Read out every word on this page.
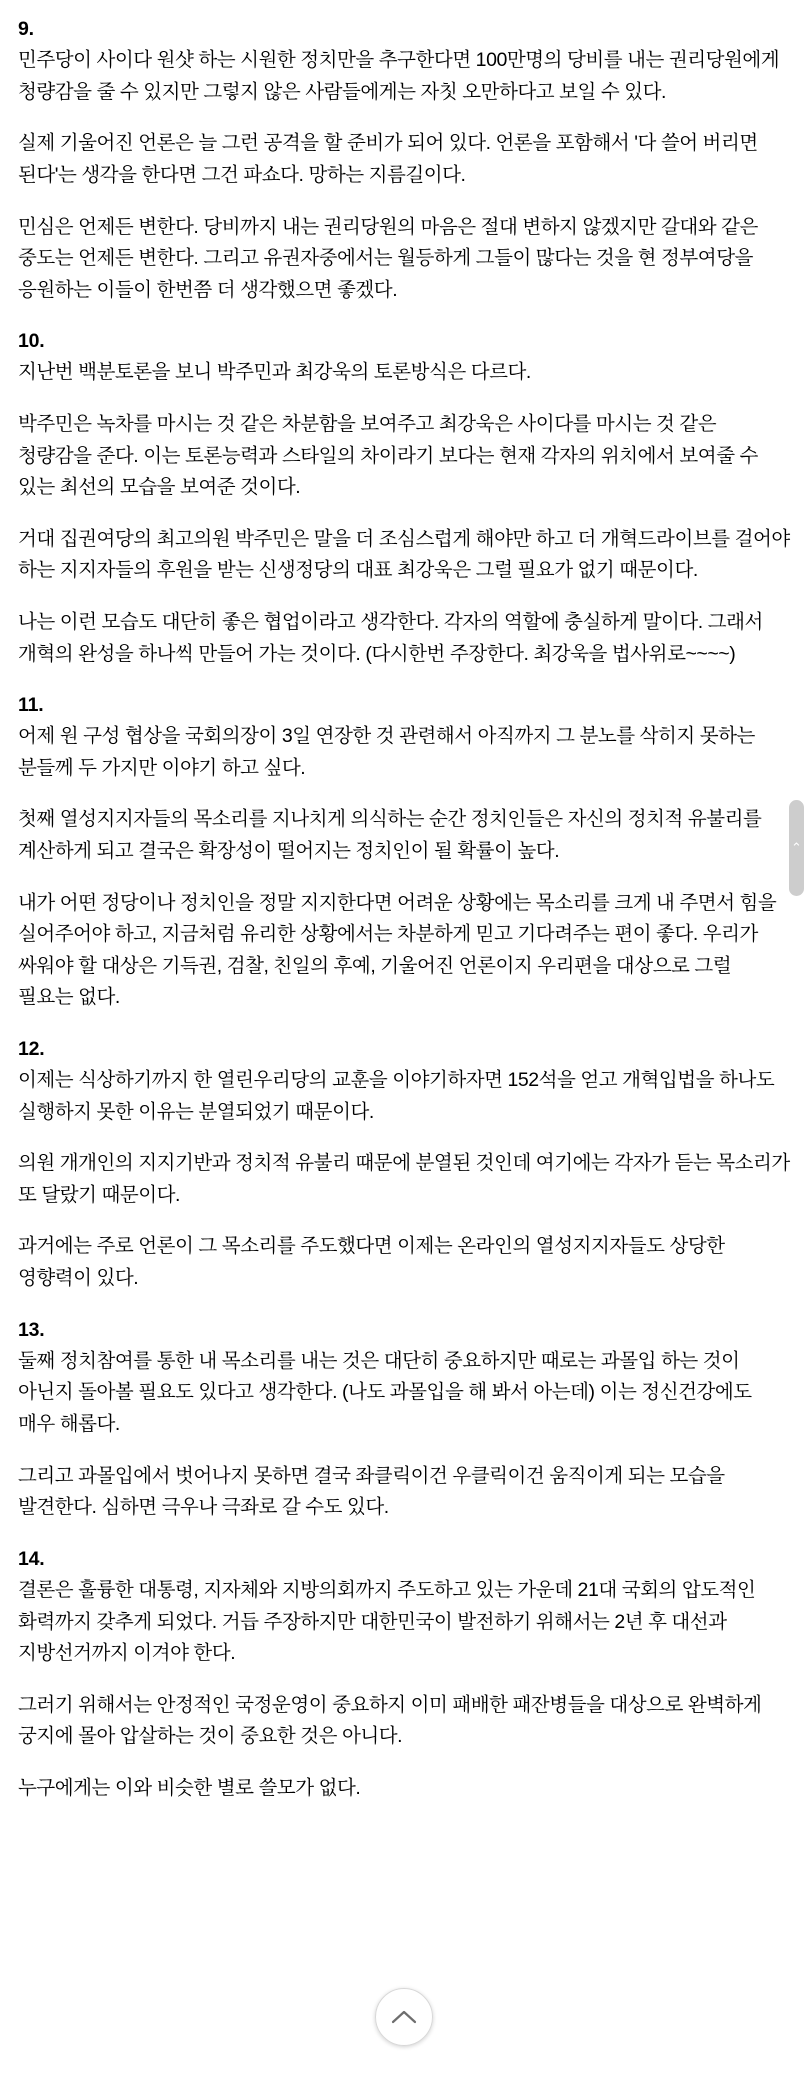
9.

민주당이 사이다 원샷 하는 시원한 정치만을 추구한다면 100만명의 당비를 내는 권리당원에게 청량감을 줄 수 있지만 그렇지 않은 사람들에게는 자칫 오만하다고 보일 수 있다.

실제 기울어진 언론은 늘 그런 공격을 할 준비가 되어 있다. 언론을 포함해서 '다 쓸어 버리면 된다'는 생각을 한다면 그건 파쇼다. 망하는 지름길이다.

민심은 언제든 변한다. 당비까지 내는 권리당원의 마음은 절대 변하지 않겠지만 갈대와 같은 중도는 언제든 변한다. 그리고 유권자중에서는 월등하게 그들이 많다는 것을 현 정부여당을 응원하는 이들이 한번쯤 더 생각했으면 좋겠다.

10.

지난번 백분토론을 보니 박주민과 최강욱의 토론방식은 다르다.

박주민은 녹차를 마시는 것 같은 차분함을 보여주고 최강욱은 사이다를 마시는 것 같은 청량감을 준다. 이는 토론능력과 스타일의 차이라기 보다는 현재 각자의 위치에서 보여줄 수 있는 최선의 모습을 보여준 것이다.

거대 집권여당의 최고의원 박주민은 말을 더 조심스럽게 해야만 하고 더 개혁드라이브를 걸어야 하는 지지자들의 후원을 받는 신생정당의 대표 최강욱은 그럴 필요가 없기 때문이다.

나는 이런 모습도 대단히 좋은 협업이라고 생각한다. 각자의 역할에 충실하게 말이다. 그래서 개혁의 완성을 하나씩 만들어 가는 것이다. (다시한번 주장한다. 최강욱을 법사위로~~~~)

11.

어제 원 구성 협상을 국회의장이 3일 연장한 것 관련해서 아직까지 그 분노를 삭히지 못하는 분들께 두 가지만 이야기 하고 싶다.

첫째 열성지지자들의 목소리를 지나치게 의식하는 순간 정치인들은 자신의 정치적 유불리를 계산하게 되고 결국은 확장성이 떨어지는 정치인이 될 확률이 높다.

내가 어떤 정당이나 정치인을 정말 지지한다면 어려운 상황에는 목소리를 크게 내 주면서 힘을 실어주어야 하고, 지금처럼 유리한 상황에서는 차분하게 믿고 기다려주는 편이 좋다. 우리가 싸워야 할 대상은 기득권, 검찰, 친일의 후예, 기울어진 언론이지 우리편을 대상으로 그럴 필요는 없다.

12.

이제는 식상하기까지 한 열린우리당의 교훈을 이야기하자면 152석을 얻고 개혁입법을 하나도 실행하지 못한 이유는 분열되었기 때문이다.

의원 개개인의 지지기반과 정치적 유불리 때문에 분열된 것인데 여기에는 각자가 듣는 목소리가 또 달랐기 때문이다.

과거에는 주로 언론이 그 목소리를 주도했다면 이제는 온라인의 열성지지자들도 상당한 영향력이 있다.

13.

둘째 정치참여를 통한 내 목소리를 내는 것은 대단히 중요하지만 때로는 과몰입 하는 것이 아닌지 돌아볼 필요도 있다고 생각한다. (나도 과몰입을 해 봐서 아는데) 이는 정신건강에도 매우 해롭다.

그리고 과몰입에서 벗어나지 못하면 결국 좌클릭이건 우클릭이건 움직이게 되는 모습을 발견한다. 심하면 극우나 극좌로 갈 수도 있다.

14.

결론은 훌륭한 대통령, 지자체와 지방의회까지 주도하고 있는 가운데 21대 국회의 압도적인 화력까지 갖추게 되었다. 거듭 주장하지만 대한민국이 발전하기 위해서는 2년 후 대선과 지방선거까지 이겨야 한다.

그러기 위해서는 안정적인 국정운영이 중요하지 이미 패배한 패잔병들을 대상으로 완벽하게 궁지에 몰아 압살하는 것이 중요한 것은 아니다.

누구에게는 이와 비슷한 별로 쓸모가 없다.

⌃
